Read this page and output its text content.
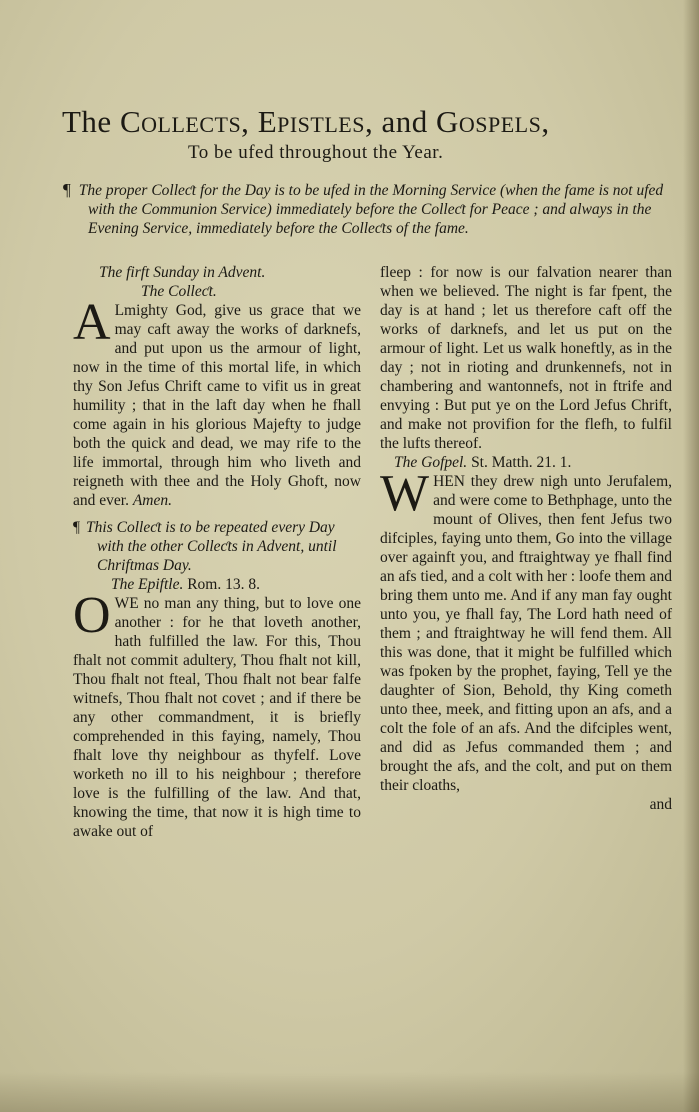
The Collects, Epistles, and Gospels,
To be ufed throughout the Year.
¶ The proper Colleƈt for the Day is to be ufed in the Morning Service (when the fame is not ufed with the Communion Service) immediately before the Colleƈt for Peace ; and always in the Evening Service, immediately before the Colleƈts of the fame.

The firft Sunday in Advent.

The Colleƈt.

A Lmighty God, give us grace that we may caft away the works of darknefs, and put upon us the armour of light, now in the time of this mortal life, in which thy Son Jefus Chrift came to vifit us in great humility ; that in the laft day when he fhall come again in his glorious Majefty to judge both the quick and dead, we may rife to the life immortal, through him who liveth and reigneth with thee and the Holy Ghoft, now and ever. Amen.

¶ This Colleƈt is to be repeated every Day with the other Colleƈts in Advent, until Chriftmas Day.

The Epiftle. Rom. 13. 8.

OWE no man any thing, but to love one another : for he that loveth another, hath fulfilled the law. For this, Thou fhalt not commit adultery, Thou fhalt not kill, Thou fhalt not fteal, Thou fhalt not bear falfe witnefs, Thou fhalt not covet ; and if there be any other commandment, it is briefly comprehended in this faying, namely, Thou fhalt love thy neighbour as thyfelf. Love worketh no ill to his neighbour ; therefore love is the fulfilling of the law. And that, knowing the time, that now it is high time to awake out of

fleep : for now is our falvation nearer than when we believed. The night is far fpent, the day is at hand ; let us therefore caft off the works of darknefs, and let us put on the armour of light. Let us walk honeftly, as in the day ; not in rioting and drunkennefs, not in chambering and wantonnefs, not in ftrife and envying : But put ye on the Lord Jefus Chrift, and make not provifion for the flefh, to fulfil the lufts thereof.

The Gofpel. St. Matth. 21. 1.

WHEN they drew nigh unto Jerufalem, and were come to Bethphage, unto the mount of Olives, then fent Jefus two difciples, faying unto them, Go into the village over againft you, and ftraightway ye fhall find an afs tied, and a colt with her : loofe them and bring them unto me. And if any man fay ought unto you, ye fhall fay, The Lord hath need of them ; and ftraightway he will fend them. All this was done, that it might be fulfilled which was fpoken by the prophet, faying, Tell ye the daughter of Sion, Behold, thy King cometh unto thee, meek, and fitting upon an afs, and a colt the fole of an afs. And the difciples went, and did as Jefus commanded them ; and brought the afs, and the colt, and put on them their cloaths,

and
